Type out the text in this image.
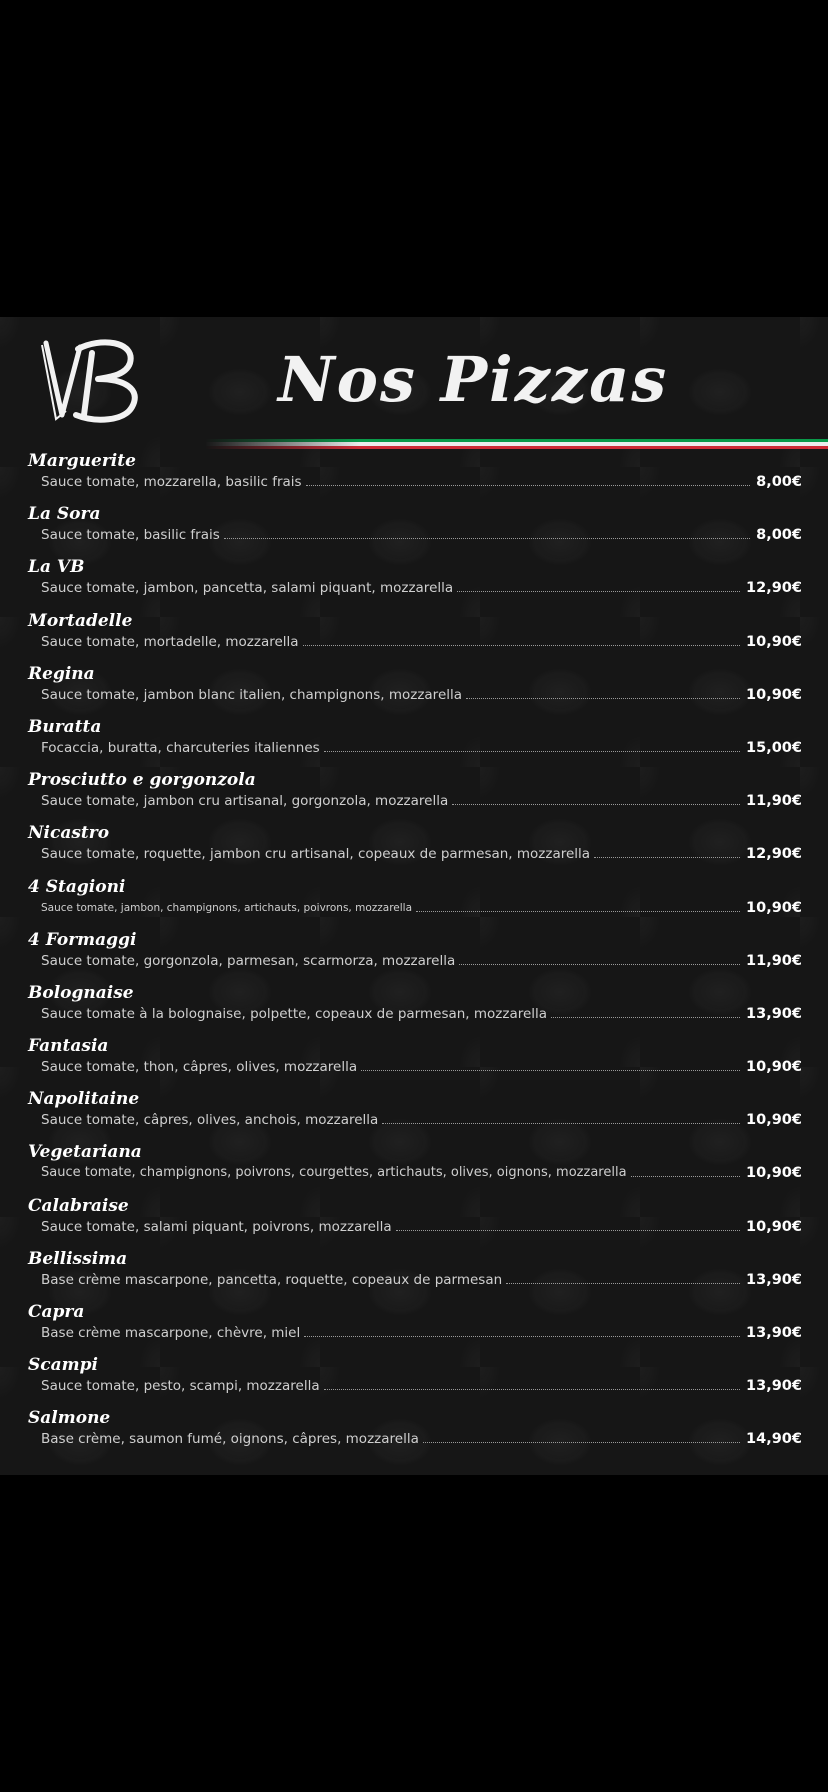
Nos Pizzas
Marguerite
Sauce tomate, mozzarella, basilic frais	8,00€
La Sora
Sauce tomate, basilic frais	8,00€
La VB
Sauce tomate, jambon, pancetta, salami piquant, mozzarella	12,90€
Mortadelle
Sauce tomate, mortadelle, mozzarella	10,90€
Regina
Sauce tomate, jambon blanc italien, champignons, mozzarella	10,90€
Buratta
Focaccia, buratta, charcuteries italiennes	15,00€
Prosciutto e gorgonzola
Sauce tomate, jambon cru artisanal, gorgonzola, mozzarella	11,90€
Nicastro
Sauce tomate, roquette, jambon cru artisanal, copeaux de parmesan, mozzarella	12,90€
4 Stagioni
Sauce tomate, jambon, champignons, artichauts, poivrons, mozzarella	10,90€
4 Formaggi
Sauce tomate, gorgonzola, parmesan, scarmorza, mozzarella	11,90€
Bolognaise
Sauce tomate à la bolognaise, polpette, copeaux de parmesan, mozzarella	13,90€
Fantasia
Sauce tomate, thon, câpres, olives, mozzarella	10,90€
Napolitaine
Sauce tomate, câpres, olives, anchois, mozzarella	10,90€
Vegetariana
Sauce tomate, champignons, poivrons, courgettes, artichauts, olives, oignons, mozzarella	10,90€
Calabraise
Sauce tomate, salami piquant, poivrons, mozzarella	10,90€
Bellissima
Base crème mascarpone, pancetta, roquette, copeaux de parmesan	13,90€
Capra
Base crème mascarpone, chèvre, miel	13,90€
Scampi
Sauce tomate, pesto, scampi, mozzarella	13,90€
Salmone
Base crème, saumon fumé, oignons, câpres, mozzarella	14,90€
